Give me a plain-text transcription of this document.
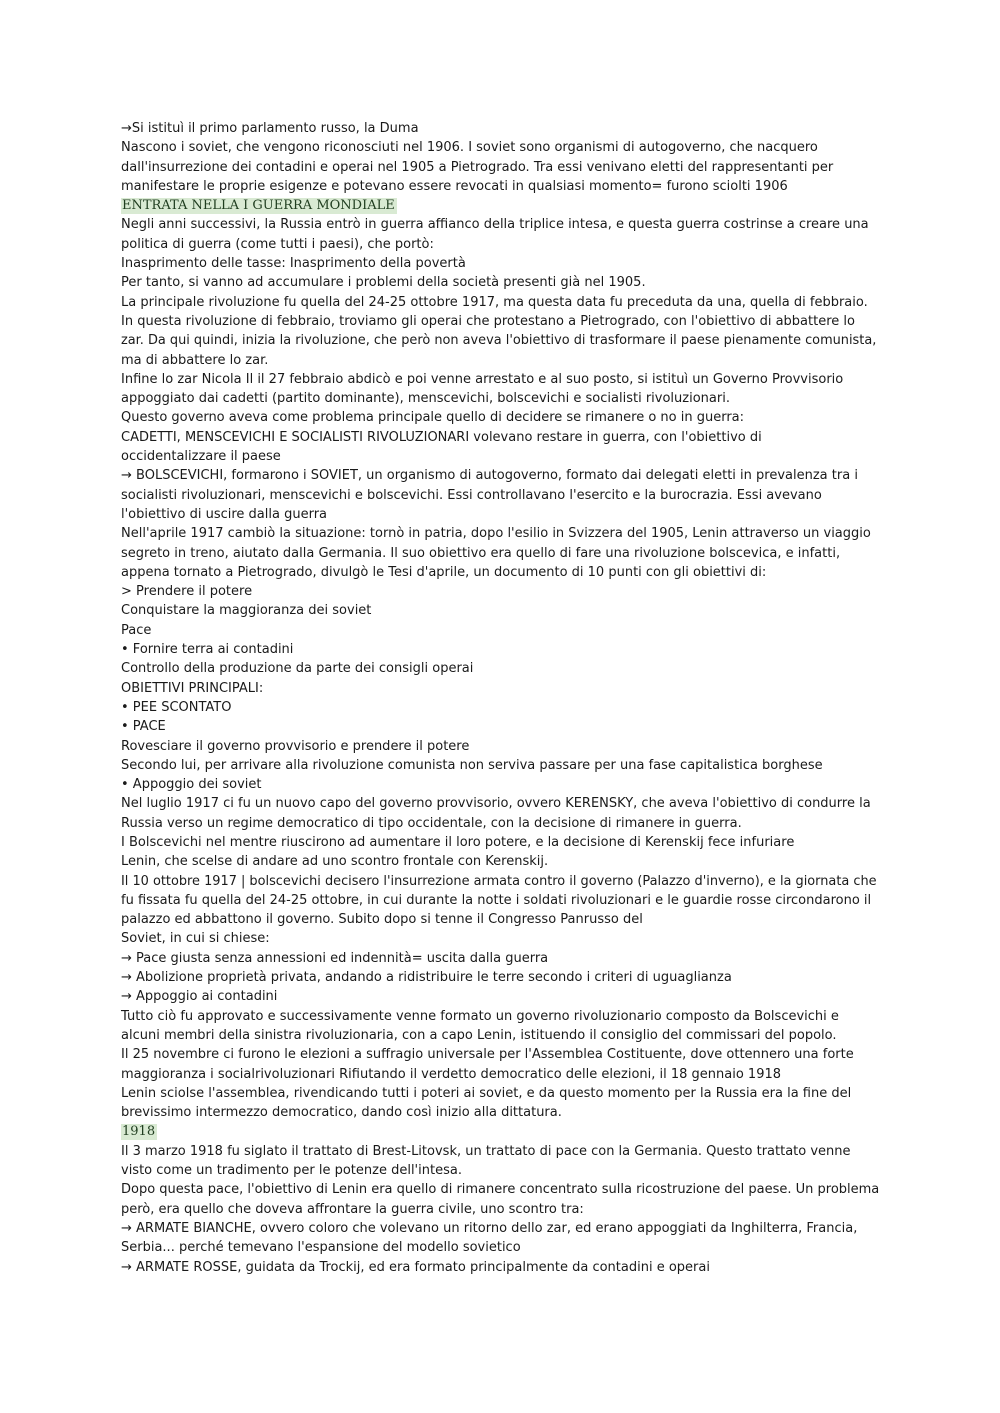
→Si istituì il primo parlamento russo, la Duma
Nascono i soviet, che vengono riconosciuti nel 1906. I soviet sono organismi di autogoverno, che nacquero
dall'insurrezione dei contadini e operai nel 1905 a Pietrogrado. Tra essi venivano eletti del rappresentanti per
manifestare le proprie esigenze e potevano essere revocati in qualsiasi momento= furono sciolti 1906
ENTRATA NELLA I GUERRA MONDIALE
Negli anni successivi, la Russia entrò in guerra affianco della triplice intesa, e questa guerra costrinse a creare una
politica di guerra (come tutti i paesi), che portò:
Inasprimento delle tasse: Inasprimento della povertà
Per tanto, si vanno ad accumulare i problemi della società presenti già nel 1905.
La principale rivoluzione fu quella del 24-25 ottobre 1917, ma questa data fu preceduta da una, quella di febbraio.
In questa rivoluzione di febbraio, troviamo gli operai che protestano a Pietrogrado, con l'obiettivo di abbattere lo
zar. Da qui quindi, inizia la rivoluzione, che però non aveva l'obiettivo di trasformare il paese pienamente comunista,
ma di abbattere lo zar.
Infine lo zar Nicola Il il 27 febbraio abdicò e poi venne arrestato e al suo posto, si istituì un Governo Provvisorio
appoggiato dai cadetti (partito dominante), menscevichi, bolscevichi e socialisti rivoluzionari.
Questo governo aveva come problema principale quello di decidere se rimanere o no in guerra:
CADETTI, MENSCEVICHI E SOCIALISTI RIVOLUZIONARI volevano restare in guerra, con l'obiettivo di
occidentalizzare il paese
→ BOLSCEVICHI, formarono i SOVIET, un organismo di autogoverno, formato dai delegati eletti in prevalenza tra i
socialisti rivoluzionari, menscevichi e bolscevichi. Essi controllavano l'esercito e la burocrazia. Essi avevano
l'obiettivo di uscire dalla guerra
Nell'aprile 1917 cambiò la situazione: tornò in patria, dopo l'esilio in Svizzera del 1905, Lenin attraverso un viaggio
segreto in treno, aiutato dalla Germania. Il suo obiettivo era quello di fare una rivoluzione bolscevica, e infatti,
appena tornato a Pietrogrado, divulgò le Tesi d'aprile, un documento di 10 punti con gli obiettivi di:
> Prendere il potere
Conquistare la maggioranza dei soviet
Pace
• Fornire terra ai contadini
Controllo della produzione da parte dei consigli operai
OBIETTIVI PRINCIPALI:
• PEE SCONTATO
• PACE
Rovesciare il governo provvisorio e prendere il potere
Secondo lui, per arrivare alla rivoluzione comunista non serviva passare per una fase capitalistica borghese
• Appoggio dei soviet
Nel luglio 1917 ci fu un nuovo capo del governo provvisorio, ovvero KERENSKY, che aveva l'obiettivo di condurre la
Russia verso un regime democratico di tipo occidentale, con la decisione di rimanere in guerra.
I Bolscevichi nel mentre riuscirono ad aumentare il loro potere, e la decisione di Kerenskij fece infuriare
Lenin, che scelse di andare ad uno scontro frontale con Kerenskij.
Il 10 ottobre 1917 | bolscevichi decisero l'insurrezione armata contro il governo (Palazzo d'inverno), e la giornata che
fu fissata fu quella del 24-25 ottobre, in cui durante la notte i soldati rivoluzionari e le guardie rosse circondarono il
palazzo ed abbattono il governo. Subito dopo si tenne il Congresso Panrusso del
Soviet, in cui si chiese:
→ Pace giusta senza annessioni ed indennità= uscita dalla guerra
→ Abolizione proprietà privata, andando a ridistribuire le terre secondo i criteri di uguaglianza
→ Appoggio ai contadini
Tutto ciò fu approvato e successivamente venne formato un governo rivoluzionario composto da Bolscevichi e
alcuni membri della sinistra rivoluzionaria, con a capo Lenin, istituendo il consiglio del commissari del popolo.
Il 25 novembre ci furono le elezioni a suffragio universale per l'Assemblea Costituente, dove ottennero una forte
maggioranza i socialrivoluzionari Rifiutando il verdetto democratico delle elezioni, il 18 gennaio 1918
Lenin sciolse l'assemblea, rivendicando tutti i poteri ai soviet, e da questo momento per la Russia era la fine del
brevissimo intermezzo democratico, dando così inizio alla dittatura.
1918
Il 3 marzo 1918 fu siglato il trattato di Brest-Litovsk, un trattato di pace con la Germania. Questo trattato venne
visto come un tradimento per le potenze dell'intesa.
Dopo questa pace, l'obiettivo di Lenin era quello di rimanere concentrato sulla ricostruzione del paese. Un problema
però, era quello che doveva affrontare la guerra civile, uno scontro tra:
→ ARMATE BIANCHE, ovvero coloro che volevano un ritorno dello zar, ed erano appoggiati da Inghilterra, Francia,
Serbia... perché temevano l'espansione del modello sovietico
→ ARMATE ROSSE, guidata da Trockij, ed era formato principalmente da contadini e operai
